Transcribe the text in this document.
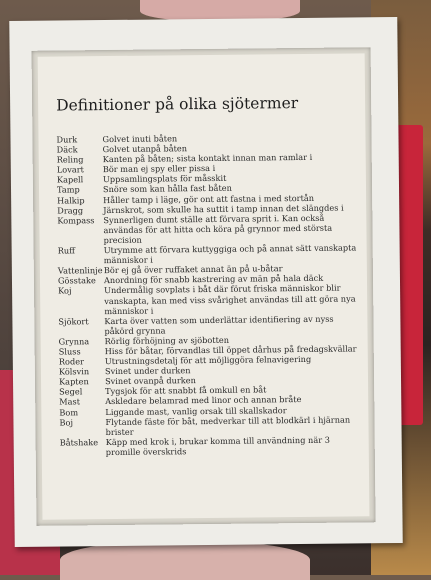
Definitioner på olika sjötermer
Durk	Golvet inuti båten
Däck	Golvet utanpå båten
Reling	Kanten på båten; sista kontakt innan man ramlar i
Lovart	Bör man ej spy eller pissa i
Kapell	Uppsamlingsplats för måsskit
Tamp	Snöre som kan hålla fast båten
Halkip	Håller tamp i läge, gör ont att fastna i med stortån
Dragg	Järnskrot, som skulle ha suttit i tamp innan det slängdes i
Kompass	Synnerligen dumt ställe att förvara sprit i. Kan också användas för att hitta och köra på grynnor med största precision
Ruff	Utrymme att förvara kuttyggiga och på annat sätt vanskapta människor i
Vattenlinje Bör ej gå över ruffaket annat än på u-båtar
Gösstake Anordning för snabb kastrering av män på hala däck
Koj	Undermålig sovplats i båt där förut friska människor blir vanskapta, kan med viss svårighet användas till att göra nya människor i
Sjökort	Karta över vatten som underlättar identifiering av nyss påkörd grynna
Grynna	Rörlig förhöjning av sjöbotten
Sluss	Hiss för båtar, förvandlas till öppet dårhus på fredagskvällar
Roder	Utrustningsdetalj för att möjliggöra felnavigering
Kölsvin	Svinet under durken
Kapten	Svinet ovanpå durken
Segel	Tygsjok för att snabbt få omkull en båt
Mast	Askledare belamrad med linor och annan bråte
Bom	Liggande mast, vanlig orsak till skallskador
Boj	Flytande fäste för båt, medverkar till att blodkärl i hjärnan brister
Båtshake Käpp med krok i, brukar komma till användning när 3 promille överskrids
